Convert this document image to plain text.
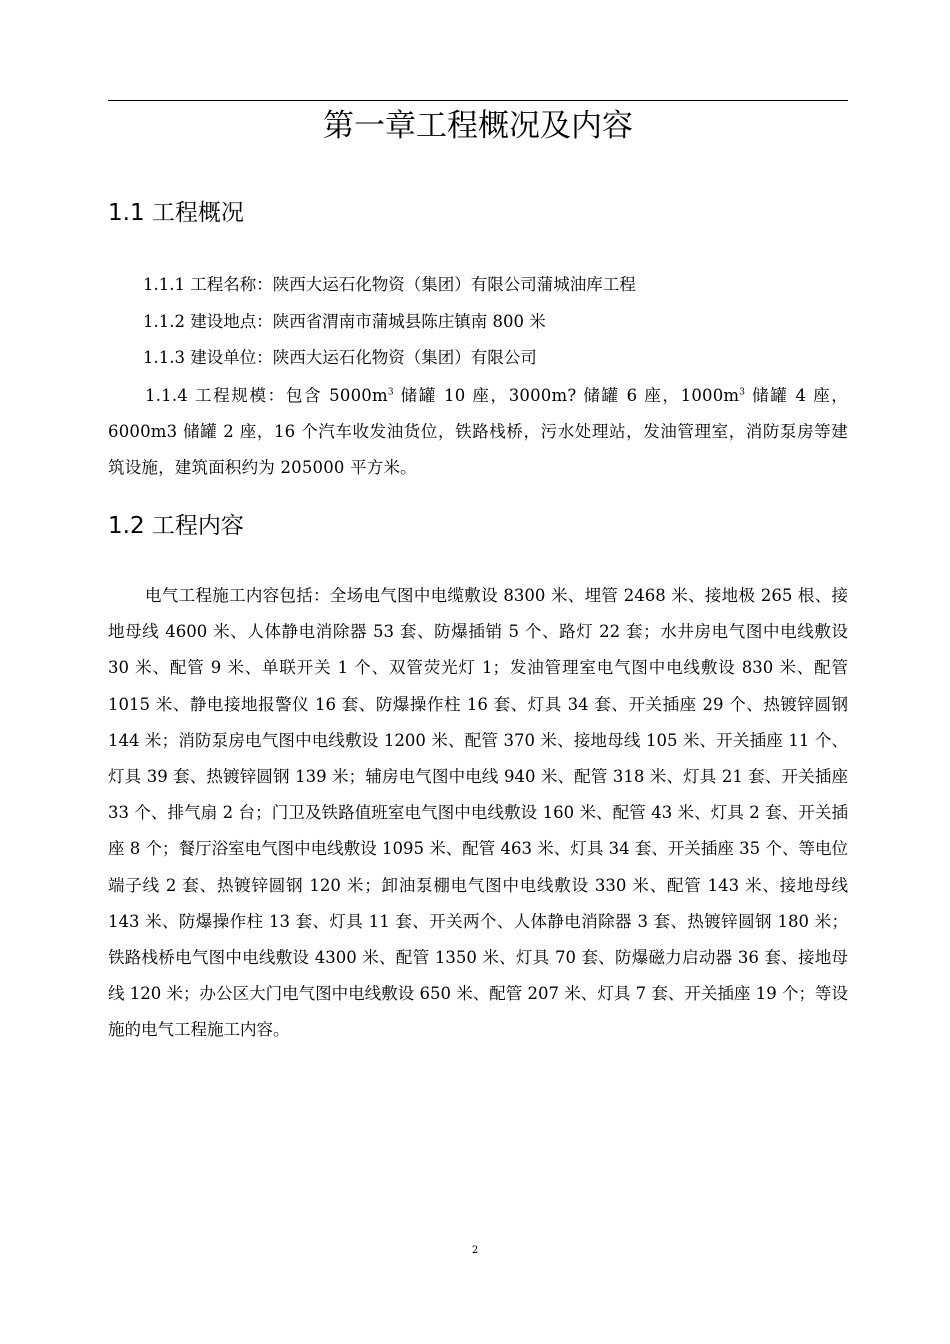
第一章工程概况及内容
1.1 工程概况

1.1.1 工程名称：陕西大运石化物资（集团）有限公司蒲城油库工程

1.1.2 建设地点：陕西省渭南市蒲城县陈庄镇南 800 米

1.1.3 建设单位：陕西大运石化物资（集团）有限公司

1.1.4 工程规模：包含 $5000m^3$ 储罐 10 座，3000m? 储罐 6 座，$1000m^3$ 储罐 4 座，6000m3 储罐 2 座，16 个汽车收发油货位，铁路栈桥，污水处理站，发油管理室，消防泵房等建筑设施，建筑面积约为 205000 平方米。

1.2 工程内容

电气工程施工内容包括：全场电气图中电缆敷设 8300 米、埋管 2468 米、接地极 265 根、接地母线 4600 米、人体静电消除器 53 套、防爆插销 5 个、路灯 22 套；水井房电气图中电线敷设 30 米、配管 9 米、单联开关 1 个、双管荧光灯 1；发油管理室电气图中电线敷设 830 米、配管 1015 米、静电接地报警仪 16 套、防爆操作柱 16 套、灯具 34 套、开关插座 29 个、热镀锌圆钢 144 米；消防泵房电气图中电线敷设 1200 米、配管 370 米、接地母线 105 米、开关插座 11 个、灯具 39 套、热镀锌圆钢 139 米；辅房电气图中电线 940 米、配管 318 米、灯具 21 套、开关插座 33 个、排气扇 2 台；门卫及铁路值班室电气图中电线敷设 160 米、配管 43 米、灯具 2 套、开关插座 8 个；餐厅浴室电气图中电线敷设 1095 米、配管 463 米、灯具 34 套、开关插座 35 个、等电位端子线 2 套、热镀锌圆钢 120 米；卸油泵棚电气图中电线敷设 330 米、配管 143 米、接地母线 143 米、防爆操作柱 13 套、灯具 11 套、开关两个、人体静电消除器 3 套、热镀锌圆钢 180 米；铁路栈桥电气图中电线敷设 4300 米、配管 1350 米、灯具 70 套、防爆磁力启动器 36 套、接地母线 120 米；办公区大门电气图中电线敷设 650 米、配管 207 米、灯具 7 套、开关插座 19 个；等设施的电气工程施工内容。

2
